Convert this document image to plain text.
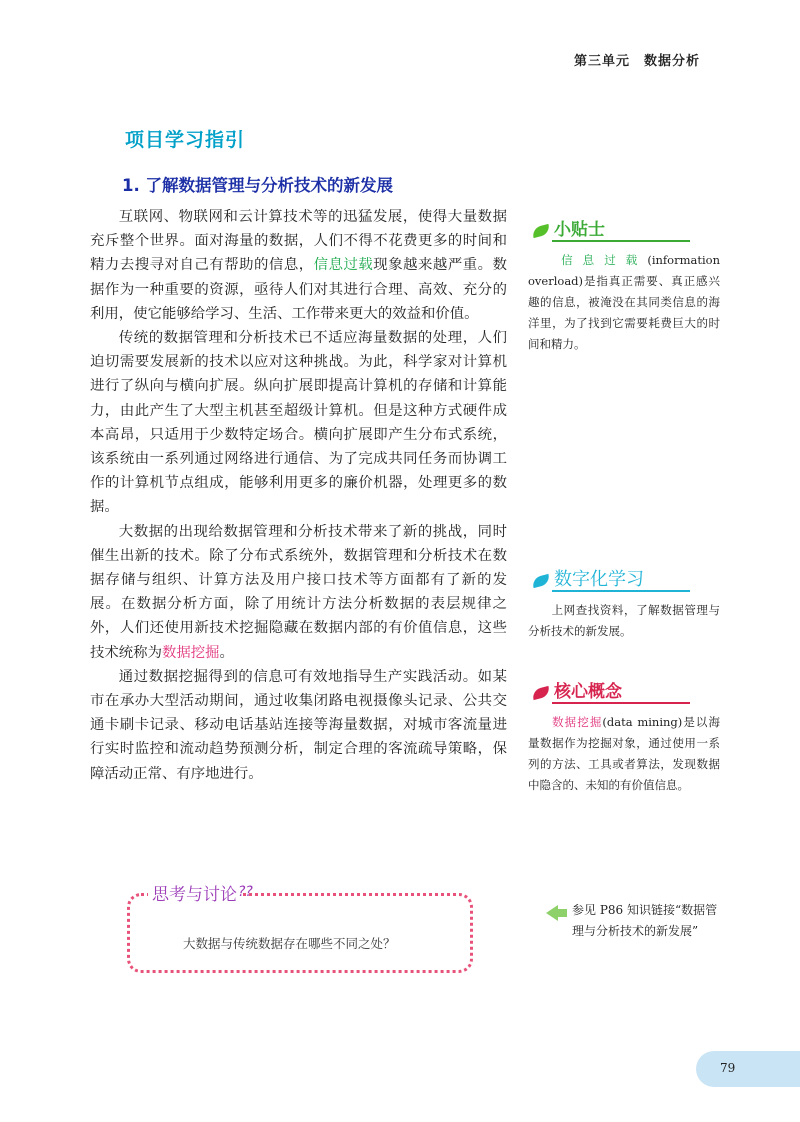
第三单元 数据分析
项目学习指引
1. 了解数据管理与分析技术的新发展

互联网、物联网和云计算技术等的迅猛发展，使得大量数据充斥整个世界。面对海量的数据，人们不得不花费更多的时间和精力去搜寻对自己有帮助的信息，信息过载现象越来越严重。数据作为一种重要的资源，亟待人们对其进行合理、高效、充分的利用，使它能够给学习、生活、工作带来更大的效益和价值。

传统的数据管理和分析技术已不适应海量数据的处理，人们迫切需要发展新的技术以应对这种挑战。为此，科学家对计算机进行了纵向与横向扩展。纵向扩展即提高计算机的存储和计算能力，由此产生了大型主机甚至超级计算机。但是这种方式硬件成本高昂，只适用于少数特定场合。横向扩展即产生分布式系统，该系统由一系列通过网络进行通信、为了完成共同任务而协调工作的计算机节点组成，能够利用更多的廉价机器，处理更多的数据。

大数据的出现给数据管理和分析技术带来了新的挑战，同时催生出新的技术。除了分布式系统外，数据管理和分析技术在数据存储与组织、计算方法及用户接口技术等方面都有了新的发展。在数据分析方面，除了用统计方法分析数据的表层规律之外，人们还使用新技术挖掘隐藏在数据内部的有价值信息，这些技术统称为数据挖掘。

通过数据挖掘得到的信息可有效地指导生产实践活动。如某市在承办大型活动期间，通过收集闭路电视摄像头记录、公共交通卡刷卡记录、移动电话基站连接等海量数据，对城市客流量进行实时监控和流动趋势预测分析，制定合理的客流疏导策略，保障活动正常、有序地进行。

小贴士
信息过载(information overload)是指真正需要、真正感兴趣的信息，被淹没在其同类信息的海洋里，为了找到它需要耗费巨大的时间和精力。
数字化学习
上网查找资料，了解数据管理与分析技术的新发展。
核心概念
数据挖掘(data mining)是以海量数据作为挖掘对象，通过使用一系列的方法、工具或者算法，发现数据中隐含的、未知的有价值信息。
思考与讨论 ??
大数据与传统数据存在哪些不同之处？
参见 P86 知识链接“数据管理与分析技术的新发展”
79
